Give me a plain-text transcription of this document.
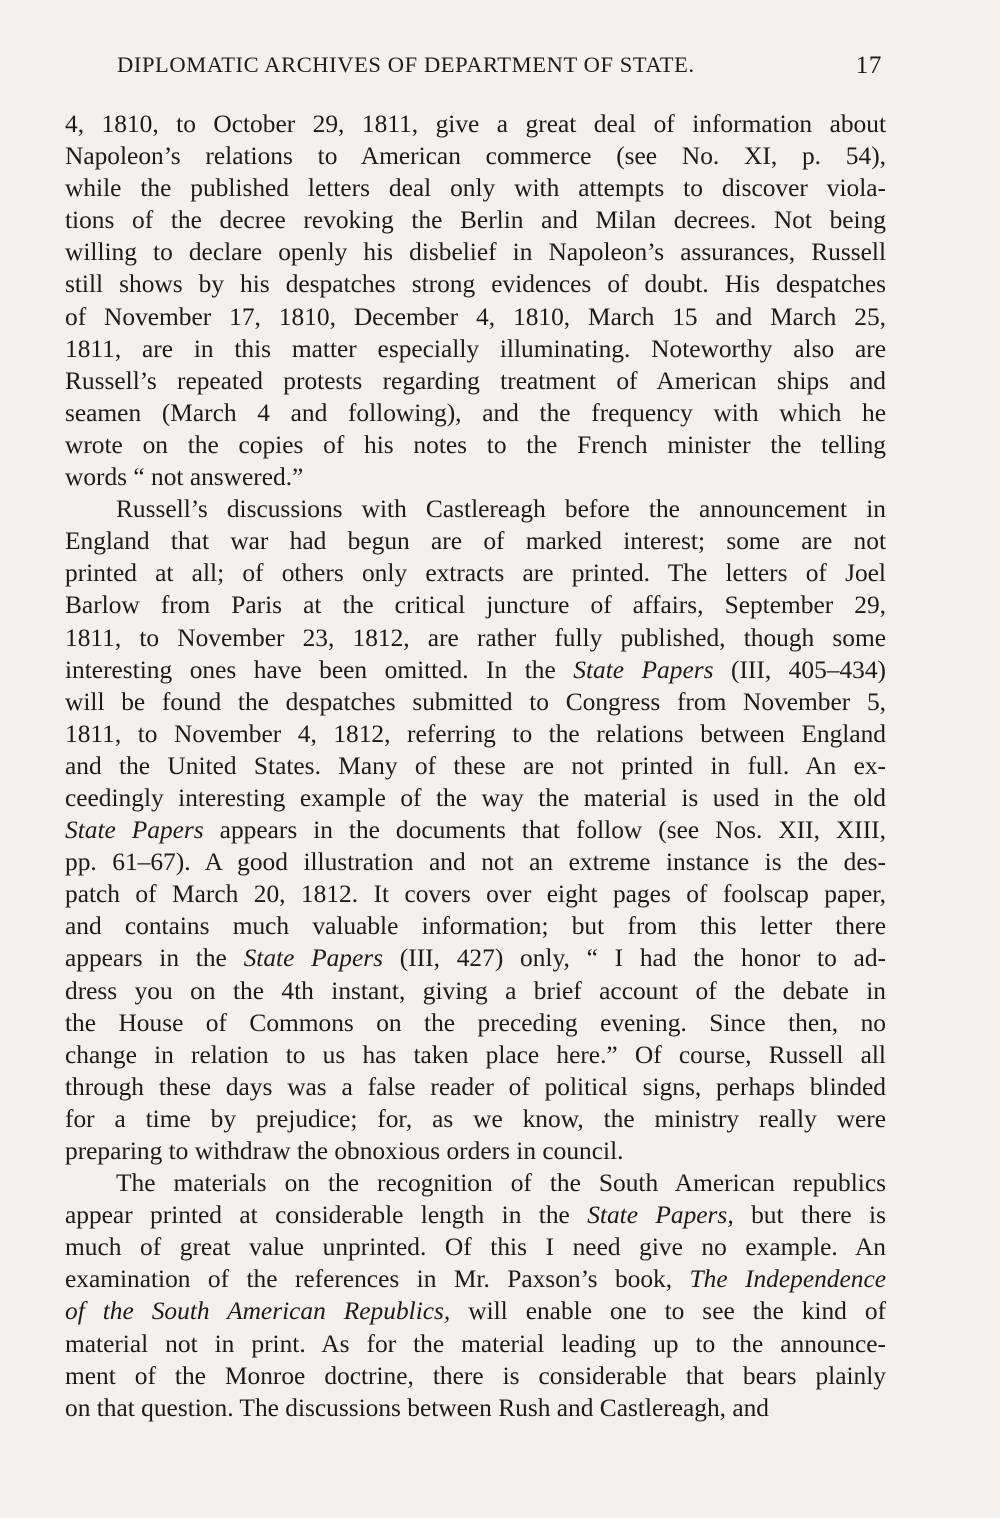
DIPLOMATIC ARCHIVES OF DEPARTMENT OF STATE.	17
4, 1810, to October 29, 1811, give a great deal of information about
Napoleon’s relations to American commerce (see No. XI, p. 54),
while the published letters deal only with attempts to discover viola-
tions of the decree revoking the Berlin and Milan decrees. Not being
willing to declare openly his disbelief in Napoleon’s assurances, Russell
still shows by his despatches strong evidences of doubt. His despatches
of November 17, 1810, December 4, 1810, March 15 and March 25,
1811, are in this matter especially illuminating. Noteworthy also are
Russell’s repeated protests regarding treatment of American ships and
seamen (March 4 and following), and the frequency with which he
wrote on the copies of his notes to the French minister the telling
words “ not answered.”
Russell’s discussions with Castlereagh before the announcement in
England that war had begun are of marked interest; some are not
printed at all; of others only extracts are printed. The letters of Joel
Barlow from Paris at the critical juncture of affairs, September 29,
1811, to November 23, 1812, are rather fully published, though some
interesting ones have been omitted. In the State Papers (III, 405–434)
will be found the despatches submitted to Congress from November 5,
1811, to November 4, 1812, referring to the relations between England
and the United States. Many of these are not printed in full. An ex-
ceedingly interesting example of the way the material is used in the old
State Papers appears in the documents that follow (see Nos. XII, XIII,
pp. 61–67). A good illustration and not an extreme instance is the des-
patch of March 20, 1812. It covers over eight pages of foolscap paper,
and contains much valuable information; but from this letter there
appears in the State Papers (III, 427) only, “ I had the honor to ad-
dress you on the 4th instant, giving a brief account of the debate in
the House of Commons on the preceding evening. Since then, no
change in relation to us has taken place here.” Of course, Russell all
through these days was a false reader of political signs, perhaps blinded
for a time by prejudice; for, as we know, the ministry really were
preparing to withdraw the obnoxious orders in council.
The materials on the recognition of the South American republics
appear printed at considerable length in the State Papers, but there is
much of great value unprinted. Of this I need give no example. An
examination of the references in Mr. Paxson’s book, The Independence
of the South American Republics, will enable one to see the kind of
material not in print. As for the material leading up to the announce-
ment of the Monroe doctrine, there is considerable that bears plainly
on that question. The discussions between Rush and Castlereagh, and
